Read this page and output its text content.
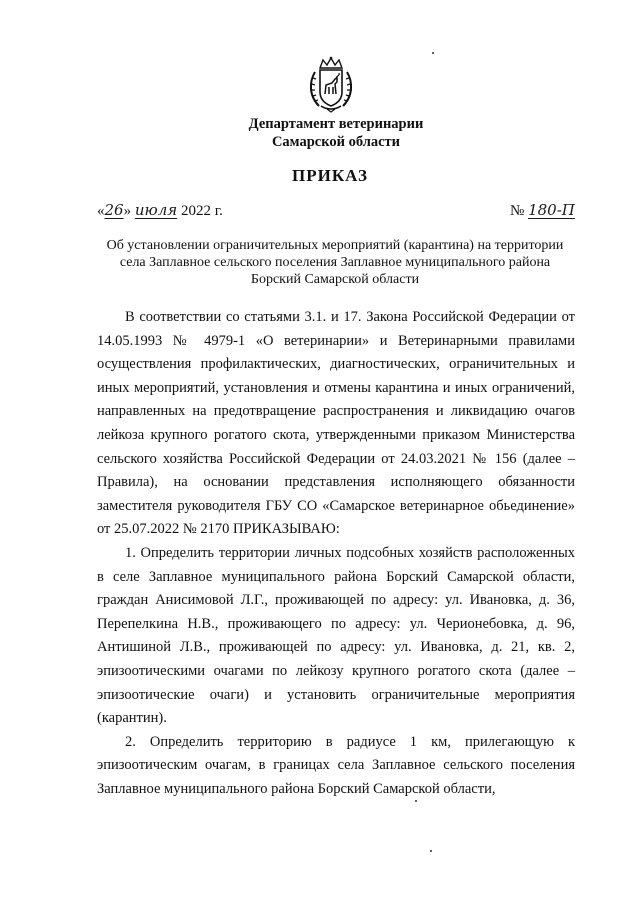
Департамент ветеринарии
Самарской области
ПРИКАЗ
«26» июля 2022 г.	№ 180-П
Об установлении ограничительных мероприятий (карантина) на территории села Заплавное сельского поселения Заплавное муниципального района Борский Самарской области

В соответствии со статьями 3.1. и 17. Закона Российской Федерации от 14.05.1993 № 4979-1 «О ветеринарии» и Ветеринарными правилами осуществления профилактических, диагностических, ограничительных и иных мероприятий, установления и отмены карантина и иных ограничений, направленных на предотвращение распространения и ликвидацию очагов лейкоза крупного рогатого скота, утвержденными приказом Министерства сельского хозяйства Российской Федерации от 24.03.2021 № 156 (далее – Правила), на основании представления исполняющего обязанности заместителя руководителя ГБУ СО «Самарское ветеринарное обьединение» от 25.07.2022 № 2170 ПРИКАЗЫВАЮ:

1. Определить территории личных подсобных хозяйств расположенных в селе Заплавное муниципального района Борский Самарской области, граждан Анисимовой Л.Г., проживающей по адресу: ул. Ивановка, д. 36, Перепелкина Н.В., проживающего по адресу: ул. Черионебовка, д. 96, Антишиной Л.В., проживающей по адресу: ул. Ивановка, д. 21, кв. 2, эпизоотическими очагами по лейкозу крупного рогатого скота (далее – эпизоотические очаги) и установить ограничительные мероприятия (карантин).

2. Определить территорию в радиусе 1 км, прилегающую к эпизоотическим очагам, в границах села Заплавное сельского поселения Заплавное муниципального района Борский Самарской области,
